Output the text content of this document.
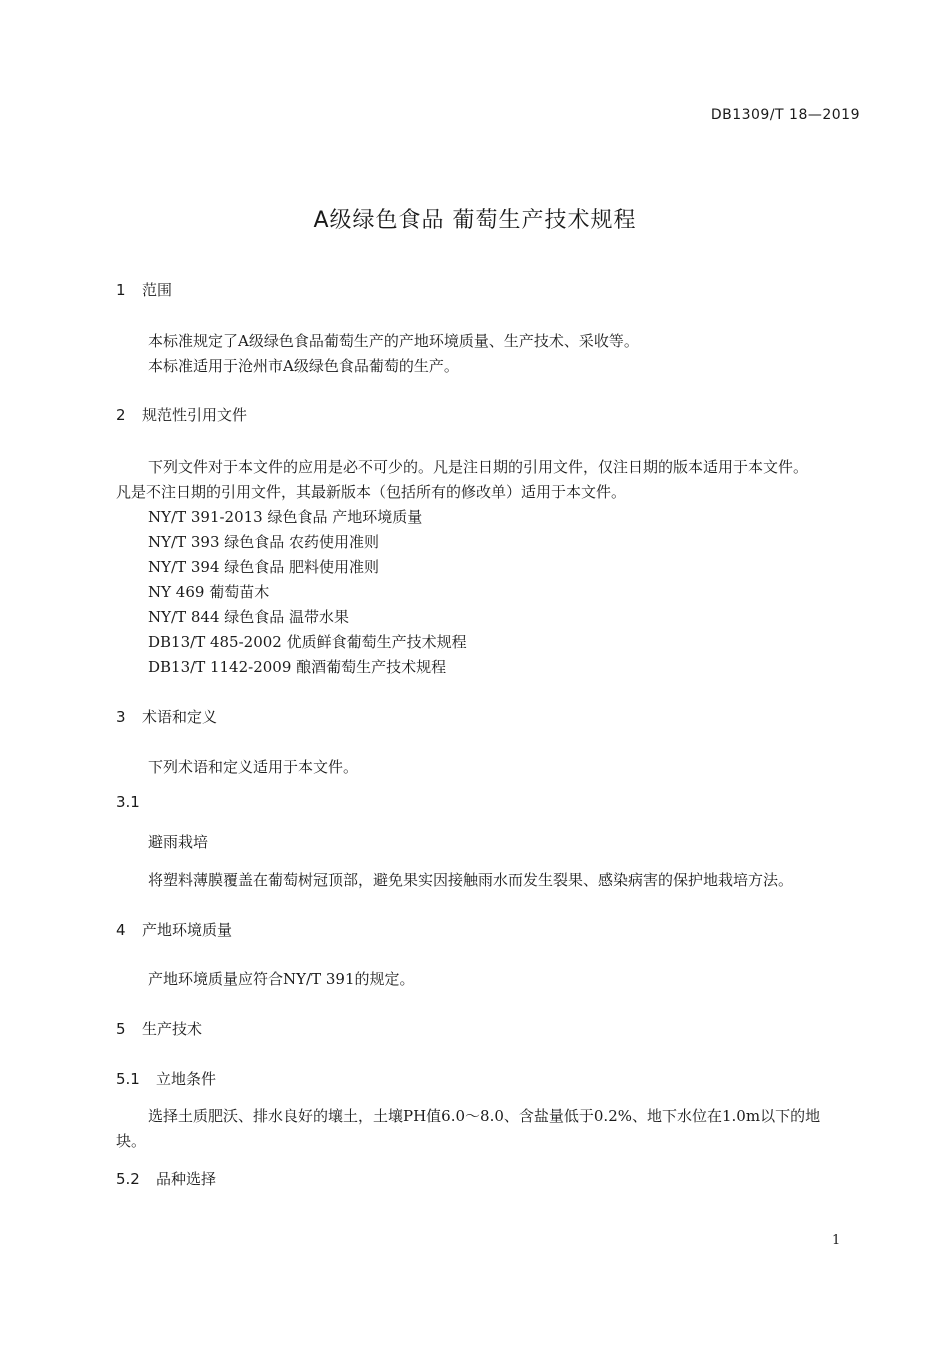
DB1309/T 18—2019
A级绿色食品 葡萄生产技术规程
1 范围
本标准规定了A级绿色食品葡萄生产的产地环境质量、生产技术、采收等。
本标准适用于沧州市A级绿色食品葡萄的生产。
2 规范性引用文件
下列文件对于本文件的应用是必不可少的。凡是注日期的引用文件，仅注日期的版本适用于本文件。
凡是不注日期的引用文件，其最新版本（包括所有的修改单）适用于本文件。
NY/T 391-2013 绿色食品 产地环境质量
NY/T 393 绿色食品 农药使用准则
NY/T 394 绿色食品 肥料使用准则
NY 469 葡萄苗木
NY/T 844 绿色食品 温带水果
DB13/T 485-2002 优质鲜食葡萄生产技术规程
DB13/T 1142-2009 酿酒葡萄生产技术规程
3 术语和定义
下列术语和定义适用于本文件。
3.1
避雨栽培
将塑料薄膜覆盖在葡萄树冠顶部，避免果实因接触雨水而发生裂果、感染病害的保护地栽培方法。
4 产地环境质量
产地环境质量应符合NY/T 391的规定。
5 生产技术
5.1 立地条件
选择土质肥沃、排水良好的壤土，土壤PH值6.0～8.0、含盐量低于0.2%、地下水位在1.0m以下的地
块。
5.2 品种选择
1
